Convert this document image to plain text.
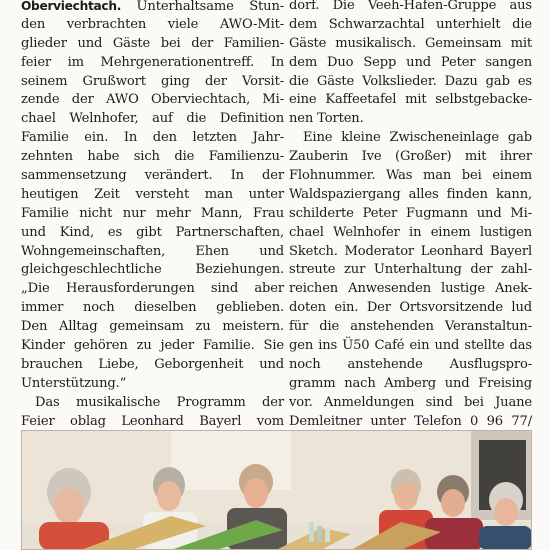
Oberviechtach. Unterhaltsame Stun-
den verbrachten viele AWO-Mit-
glieder und Gäste bei der Familien-
feier im Mehrgenerationentreff. In
seinem Grußwort ging der Vorsit-
zende der AWO Oberviechtach, Mi-
chael Welnhofer, auf die Definition
Familie ein. In den letzten Jahr-
zehnten habe sich die Familienzu-
sammensetzung verändert. In der
heutigen Zeit versteht man unter
Familie nicht nur mehr Mann, Frau
und Kind, es gibt Partnerschaften,
Wohngemeinschaften, Ehen und
gleichgeschlechtliche Beziehungen.
„Die Herausforderungen sind aber
immer noch dieselben geblieben.
Den Alltag gemeinsam zu meistern.
Kinder gehören zu jeder Familie. Sie
brauchen Liebe, Geborgenheit und
Unterstützung.“
Das musikalische Programm der
Feier oblag Leonhard Bayerl vom
dorf. Die Veeh-Hafen-Gruppe aus
dem Schwarzachtal unterhielt die
Gäste musikalisch. Gemeinsam mit
dem Duo Sepp und Peter sangen
die Gäste Volkslieder. Dazu gab es
eine Kaffeetafel mit selbstgebacke-
nen Torten.
Eine kleine Zwischeneinlage gab
Zauberin Ive (Großer) mit ihrer
Flohnummer. Was man bei einem
Waldspaziergang alles finden kann,
schilderte Peter Fugmann und Mi-
chael Welnhofer in einem lustigen
Sketch. Moderator Leonhard Bayerl
streute zur Unterhaltung der zahl-
reichen Anwesenden lustige Anek-
doten ein. Der Ortsvorsitzende lud
für die anstehenden Veranstaltun-
gen ins Ü50 Café ein und stellte das
noch anstehende Ausflugspro-
gramm nach Amberg und Freising
vor. Anmeldungen sind bei Juane
Demleitner unter Telefon 0 96 77/
